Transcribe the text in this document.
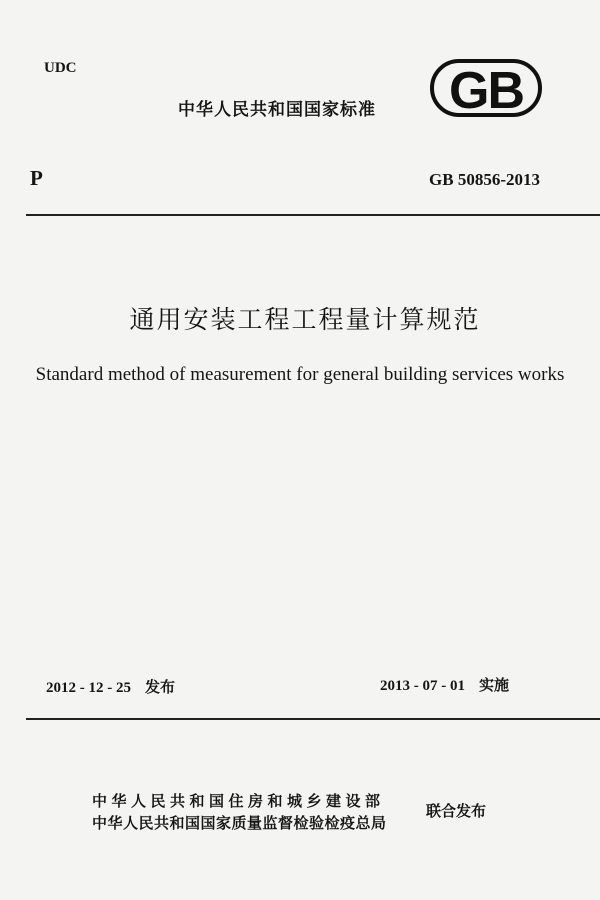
UDC
中华人民共和国国家标准 GB
P	GB 50856-2013
通用安装工程工程量计算规范
Standard method of measurement for general building services works
2012 - 12 - 25 发布	2013 - 07 - 01 实施
中华人民共和国住房和城乡建设部
中华人民共和国国家质量监督检验检疫总局
联合发布
